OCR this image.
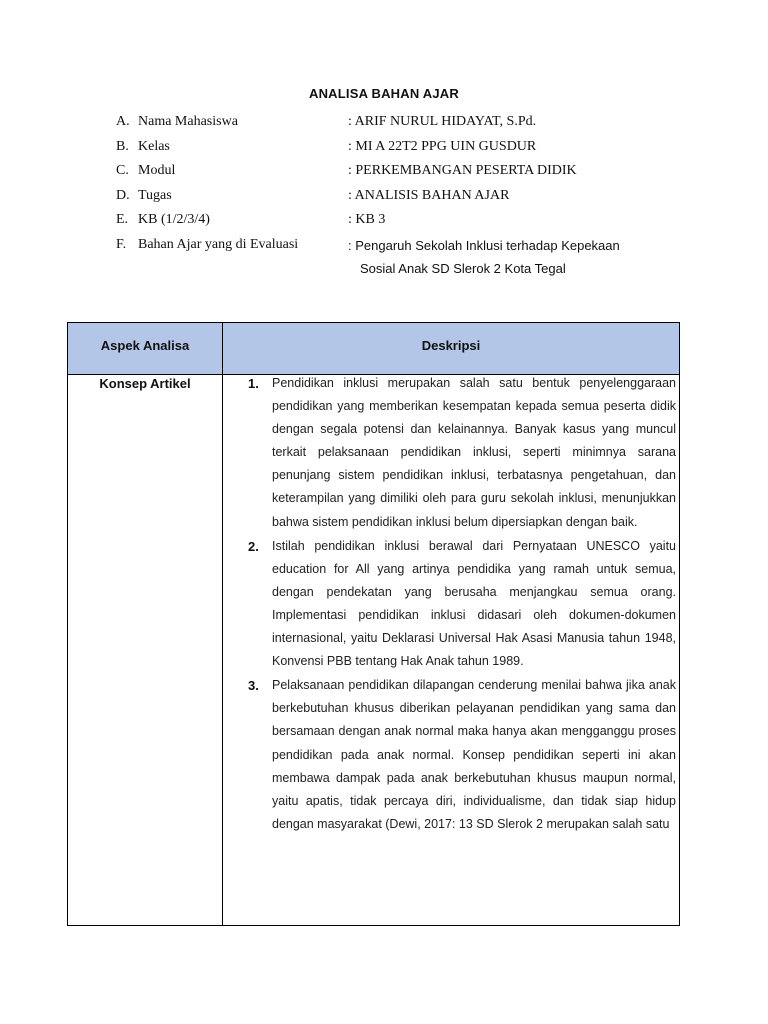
ANALISA BAHAN AJAR
A. Nama Mahasiswa	: ARIF NURUL HIDAYAT, S.Pd.
B. Kelas	: MI A 22T2 PPG UIN GUSDUR
C. Modul	: PERKEMBANGAN PESERTA DIDIK
D. Tugas	: ANALISIS BAHAN AJAR
E. KB (1/2/3/4)	: KB 3
F. Bahan Ajar yang di Evaluasi	: Pengaruh Sekolah Inklusi terhadap Kepekaan
Sosial Anak SD Slerok 2 Kota Tegal
Aspek Analisa	Deskripsi
Konsep Artikel	1. Pendidikan inklusi merupakan salah satu bentuk penyelenggaraan pendidikan yang memberikan kesempatan kepada semua peserta didik dengan segala potensi dan kelainannya. Banyak kasus yang muncul terkait pelaksanaan pendidikan inklusi, seperti minimnya sarana penunjang sistem pendidikan inklusi, terbatasnya pengetahuan, dan keterampilan yang dimiliki oleh para guru sekolah inklusi, menunjukkan bahwa sistem pendidikan inklusi belum dipersiapkan dengan baik.
2. Istilah pendidikan inklusi berawal dari Pernyataan UNESCO yaitu education for All yang artinya pendidika yang ramah untuk semua, dengan pendekatan yang berusaha menjangkau semua orang. Implementasi pendidikan inklusi didasari oleh dokumen-dokumen internasional, yaitu Deklarasi Universal Hak Asasi Manusia tahun 1948, Konvensi PBB tentang Hak Anak tahun 1989.
3. Pelaksanaan pendidikan dilapangan cenderung menilai bahwa jika anak berkebutuhan khusus diberikan pelayanan pendidikan yang sama dan bersamaan dengan anak normal maka hanya akan mengganggu proses pendidikan pada anak normal. Konsep pendidikan seperti ini akan membawa dampak pada anak berkebutuhan khusus maupun normal, yaitu apatis, tidak percaya diri, individualisme, dan tidak siap hidup dengan masyarakat (Dewi, 2017: 13 SD Slerok 2 merupakan salah satu
